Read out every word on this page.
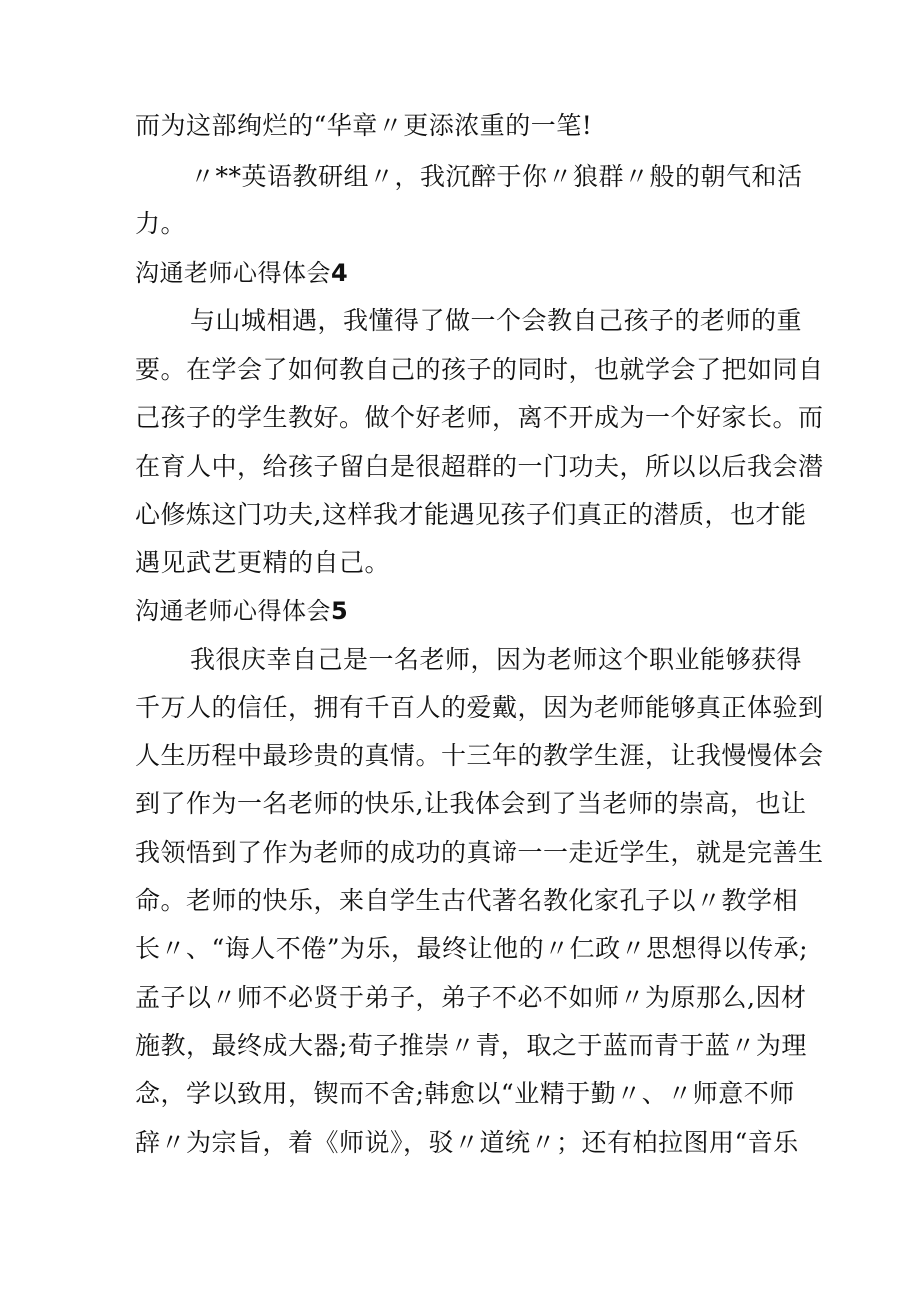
而为这部绚烂的“华章〃更添浓重的一笔!
〃**英语教研组〃，我沉醉于你〃狼群〃般的朝气和活
力。
沟通老师心得体会4
与山城相遇，我懂得了做一个会教自己孩子的老师的重
要。在学会了如何教自己的孩子的同时，也就学会了把如同自
己孩子的学生教好。做个好老师，离不开成为一个好家长。而
在育人中，给孩子留白是很超群的一门功夫，所以以后我会潜
心修炼这门功夫,这样我才能遇见孩子们真正的潜质，也才能
遇见武艺更精的自己。
沟通老师心得体会5
我很庆幸自己是一名老师，因为老师这个职业能够获得
千万人的信任，拥有千百人的爱戴，因为老师能够真正体验到
人生历程中最珍贵的真情。十三年的教学生涯，让我慢慢体会
到了作为一名老师的快乐,让我体会到了当老师的崇高，也让
我领悟到了作为老师的成功的真谛一一走近学生，就是完善生
命。老师的快乐，来自学生古代著名教化家孔子以〃教学相
长〃、“诲人不倦”为乐，最终让他的〃仁政〃思想得以传承;
孟子以〃师不必贤于弟子，弟子不必不如师〃为原那么,因材
施教，最终成大器;荀子推崇〃青，取之于蓝而青于蓝〃为理
念，学以致用，锲而不舍;韩愈以“业精于勤〃、〃师意不师
辞〃为宗旨，着《师说》，驳〃道统〃；还有柏拉图用“音乐
